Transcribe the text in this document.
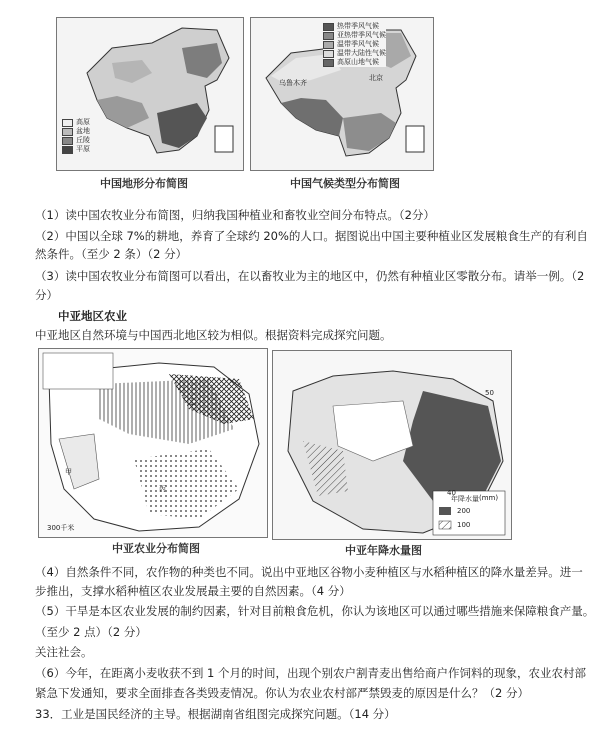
高原
盆地
丘陵
平原
中国地形分布简图
热带季风气候
亚热带季风气候
温带季风气候
温带大陆性气候
高原山地气候
乌鲁木齐
北京
中国气候类型分布简图
（1）读中国农牧业分布简图，归纳我国种植业和畜牧业空间分布特点。（2分）
（2）中国以全球 7%的耕地，养育了全球约 20%的人口。据图说出中国主要种植业区发展粮食生产的有利自
然条件。（至少 2 条）（2 分）
（3）读中国农牧业分布简图可以看出，在以畜牧业为主的地区中，仍然有种植业区零散分布。请举一例。（2
分）
中亚地区农业
中亚地区自然环境与中国西北地区较为相似。根据资料完成探究问题。
甲
乙
丙
300千米
中亚农业分布简图
50
40
年降水量 (mm)
200
100
中亚年降水量图
（4）自然条件不同，农作物的种类也不同。说出中亚地区谷物小麦种植区与水稻种植区的降水量差异。进一
步推出，支撑水稻种植区农业发展最主要的自然因素。（4 分）
（5）干旱是本区农业发展的制约因素，针对目前粮食危机，你认为该地区可以通过哪些措施来保障粮食产量。
（至少 2 点）（2 分）
关注社会。
（6）今年，在距离小麦收获不到 1 个月的时间，出现个别农户割青麦出售给商户作饲料的现象，农业农村部
紧急下发通知，要求全面排查各类毁麦情况。你认为农业农村部严禁毁麦的原因是什么？（2 分）
33．工业是国民经济的主导。根据湖南省组图完成探究问题。（14 分）
